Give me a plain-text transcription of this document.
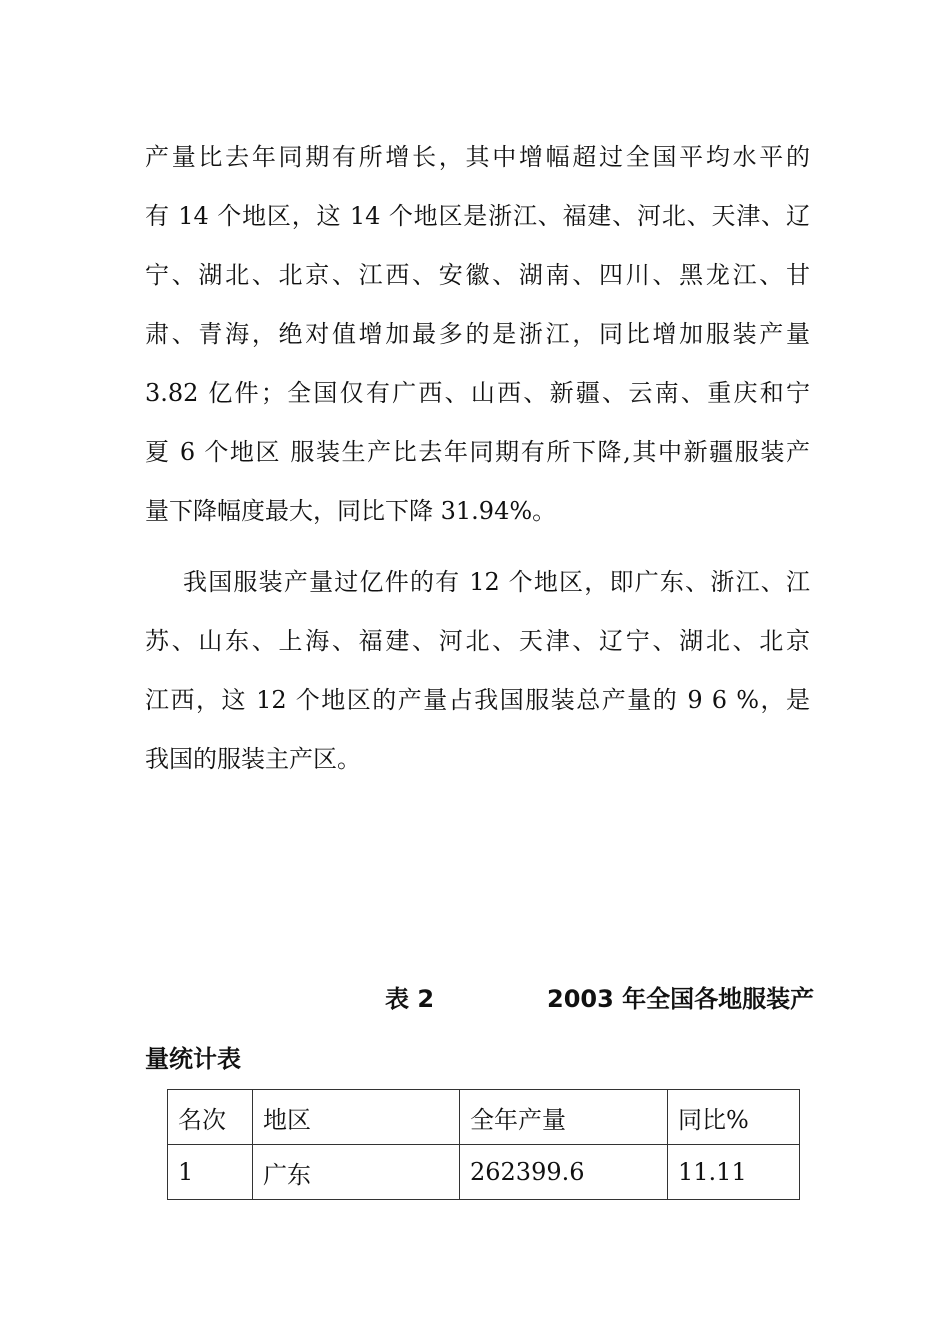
产量比去年同期有所增长，其中增幅超过全国平均水平的
有 14 个地区，这 14 个地区是浙江、福建、河北、天津、辽
宁、湖北、北京、江西、安徽、湖南、四川、黑龙江、甘
肃、青海，绝对值增加最多的是浙江，同比增加服装产量
3.82 亿件；全国仅有广西、山西、新疆、云南、重庆和宁
夏 6 个地区 服装生产比去年同期有所下降,其中新疆服装产
量下降幅度最大，同比下降 31.94%。
我国服装产量过亿件的有 12 个地区，即广东、浙江、江
苏、山东、上海、福建、河北、天津、辽宁、湖北、北京
江西，这 12 个地区的产量占我国服装总产量的 9 6 %，是
我国的服装主产区。
表 2	2003 年全国各地服装产
量统计表
名次	地区	全年产量	同比%
1	广东	262399.6	11.11
